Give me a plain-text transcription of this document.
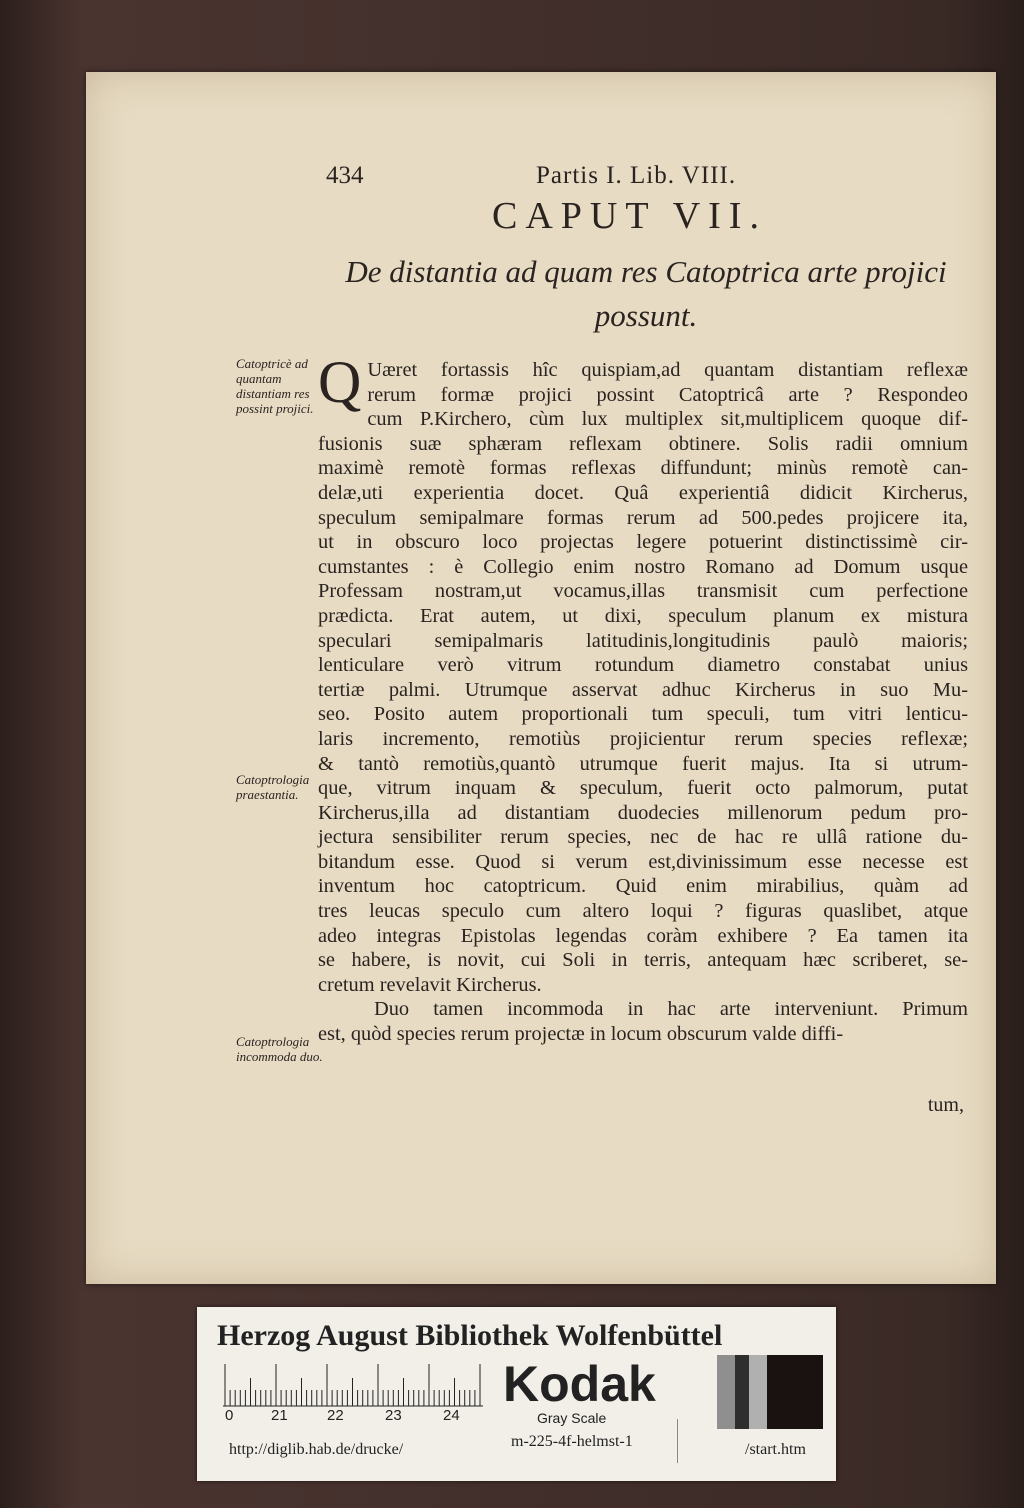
434	Partis I. Lib. VIII.
CAPUT VII.
De distantia ad quam res Catoptrica arte projici possunt.
Catoptricè ad quantam distantiam res possint projici.
Catoptrologia praestantia.
Catoptrologia incommoda duo.
Q Uæret fortassis hîc quispiam,ad quantam distantiam reflexæ

rerum formæ projici possint Catoptricâ arte ? Respondeo

cum P.Kirchero, cùm lux multiplex sit,multiplicem quoque dif-

fusionis suæ sphæram reflexam obtinere. Solis radii omnium

maximè remotè formas reflexas diffundunt; minùs remotè can-

delæ,uti experientia docet. Quâ experientiâ didicit Kircherus,

speculum semipalmare formas rerum ad 500.pedes projicere ita,

ut in obscuro loco projectas legere potuerint distinctissimè cir-

cumstantes : è Collegio enim nostro Romano ad Domum usque

Professam nostram,ut vocamus,illas transmisit cum perfectione

prædicta. Erat autem, ut dixi, speculum planum ex mistura

speculari semipalmaris latitudinis,longitudinis paulò maioris;

lenticulare verò vitrum rotundum diametro constabat unius

tertiæ palmi. Utrumque asservat adhuc Kircherus in suo Mu-

seo. Posito autem proportionali tum speculi, tum vitri lenticu-

laris incremento, remotiùs projicientur rerum species reflexæ;

& tantò remotiùs,quantò utrumque fuerit majus. Ita si utrum-

que, vitrum inquam & speculum, fuerit octo palmorum, putat

Kircherus,illa ad distantiam duodecies millenorum pedum pro-

jectura sensibiliter rerum species, nec de hac re ullâ ratione du-

bitandum esse. Quod si verum est,divinissimum esse necesse est

inventum hoc catoptricum. Quid enim mirabilius, quàm ad

tres leucas speculo cum altero loqui ? figuras quaslibet, atque

adeo integras Epistolas legendas coràm exhibere ? Ea tamen ita

se habere, is novit, cui Soli in terris, antequam hæc scriberet, se-

cretum revelavit Kircherus.

Duo tamen incommoda in hac arte interveniunt. Primum

est, quòd species rerum projectæ in locum obscurum valde diffi-

tum,
Herzog August Bibliothek Wolfenbüttel
0	21	22	23	24
Kodak
Gray Scale
http://diglib.hab.de/drucke/	m-225-4f-helmst-1	/start.htm
